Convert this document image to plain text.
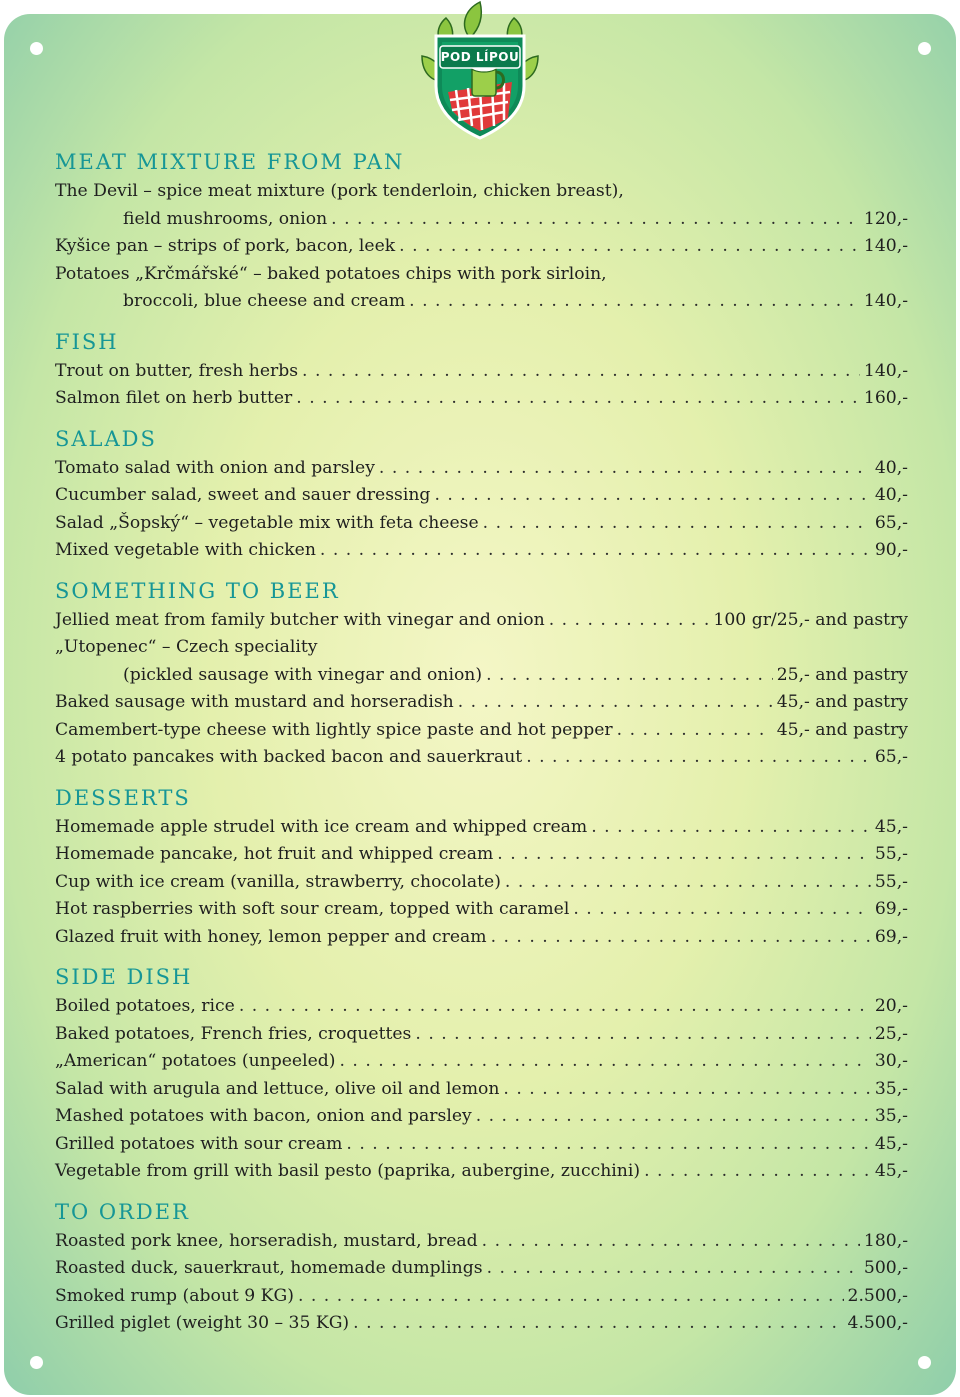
POD LÍPOU
MEAT MIXTURE FROM PAN
The Devil – spice meat mixture (pork tenderloin, chicken breast),
field mushrooms, onion . . .	120,-
Kyšice pan – strips of pork, bacon, leek . . .	140,-
Potatoes „Krčmářské“ – baked potatoes chips with pork sirloin,
broccoli, blue cheese and cream . . .	140,-
FISH
Trout on butter, fresh herbs . . .	140,-
Salmon filet on herb butter . . .	160,-
SALADS
Tomato salad with onion and parsley . . .	40,-
Cucumber salad, sweet and sauer dressing . . .	40,-
Salad „Šopský“ – vegetable mix with feta cheese . . .	65,-
Mixed vegetable with chicken . . .	90,-
SOMETHING TO BEER
Jellied meat from family butcher with vinegar and onion . . .	100 gr/25,- and pastry
„Utopenec“ – Czech speciality
(pickled sausage with vinegar and onion) . . .	25,- and pastry
Baked sausage with mustard and horseradish . . .	45,- and pastry
Camembert-type cheese with lightly spice paste and hot pepper . . .	45,- and pastry
4 potato pancakes with backed bacon and sauerkraut . . .	65,-
DESSERTS
Homemade apple strudel with ice cream and whipped cream . . .	45,-
Homemade pancake, hot fruit and whipped cream . . .	55,-
Cup with ice cream (vanilla, strawberry, chocolate) . . .	55,-
Hot raspberries with soft sour cream, topped with caramel . . .	69,-
Glazed fruit with honey, lemon pepper and cream . . .	69,-
SIDE DISH
Boiled potatoes, rice . . .	20,-
Baked potatoes, French fries, croquettes . . .	25,-
„American“ potatoes (unpeeled) . . .	30,-
Salad with arugula and lettuce, olive oil and lemon . . .	35,-
Mashed potatoes with bacon, onion and parsley . . .	35,-
Grilled potatoes with sour cream . . .	45,-
Vegetable from grill with basil pesto (paprika, aubergine, zucchini) . . .	45,-
TO ORDER
Roasted pork knee, horseradish, mustard, bread . . .	180,-
Roasted duck, sauerkraut, homemade dumplings . . .	500,-
Smoked rump (about 9 KG) . . .	2.500,-
Grilled piglet (weight 30 – 35 KG) . . .	4.500,-
